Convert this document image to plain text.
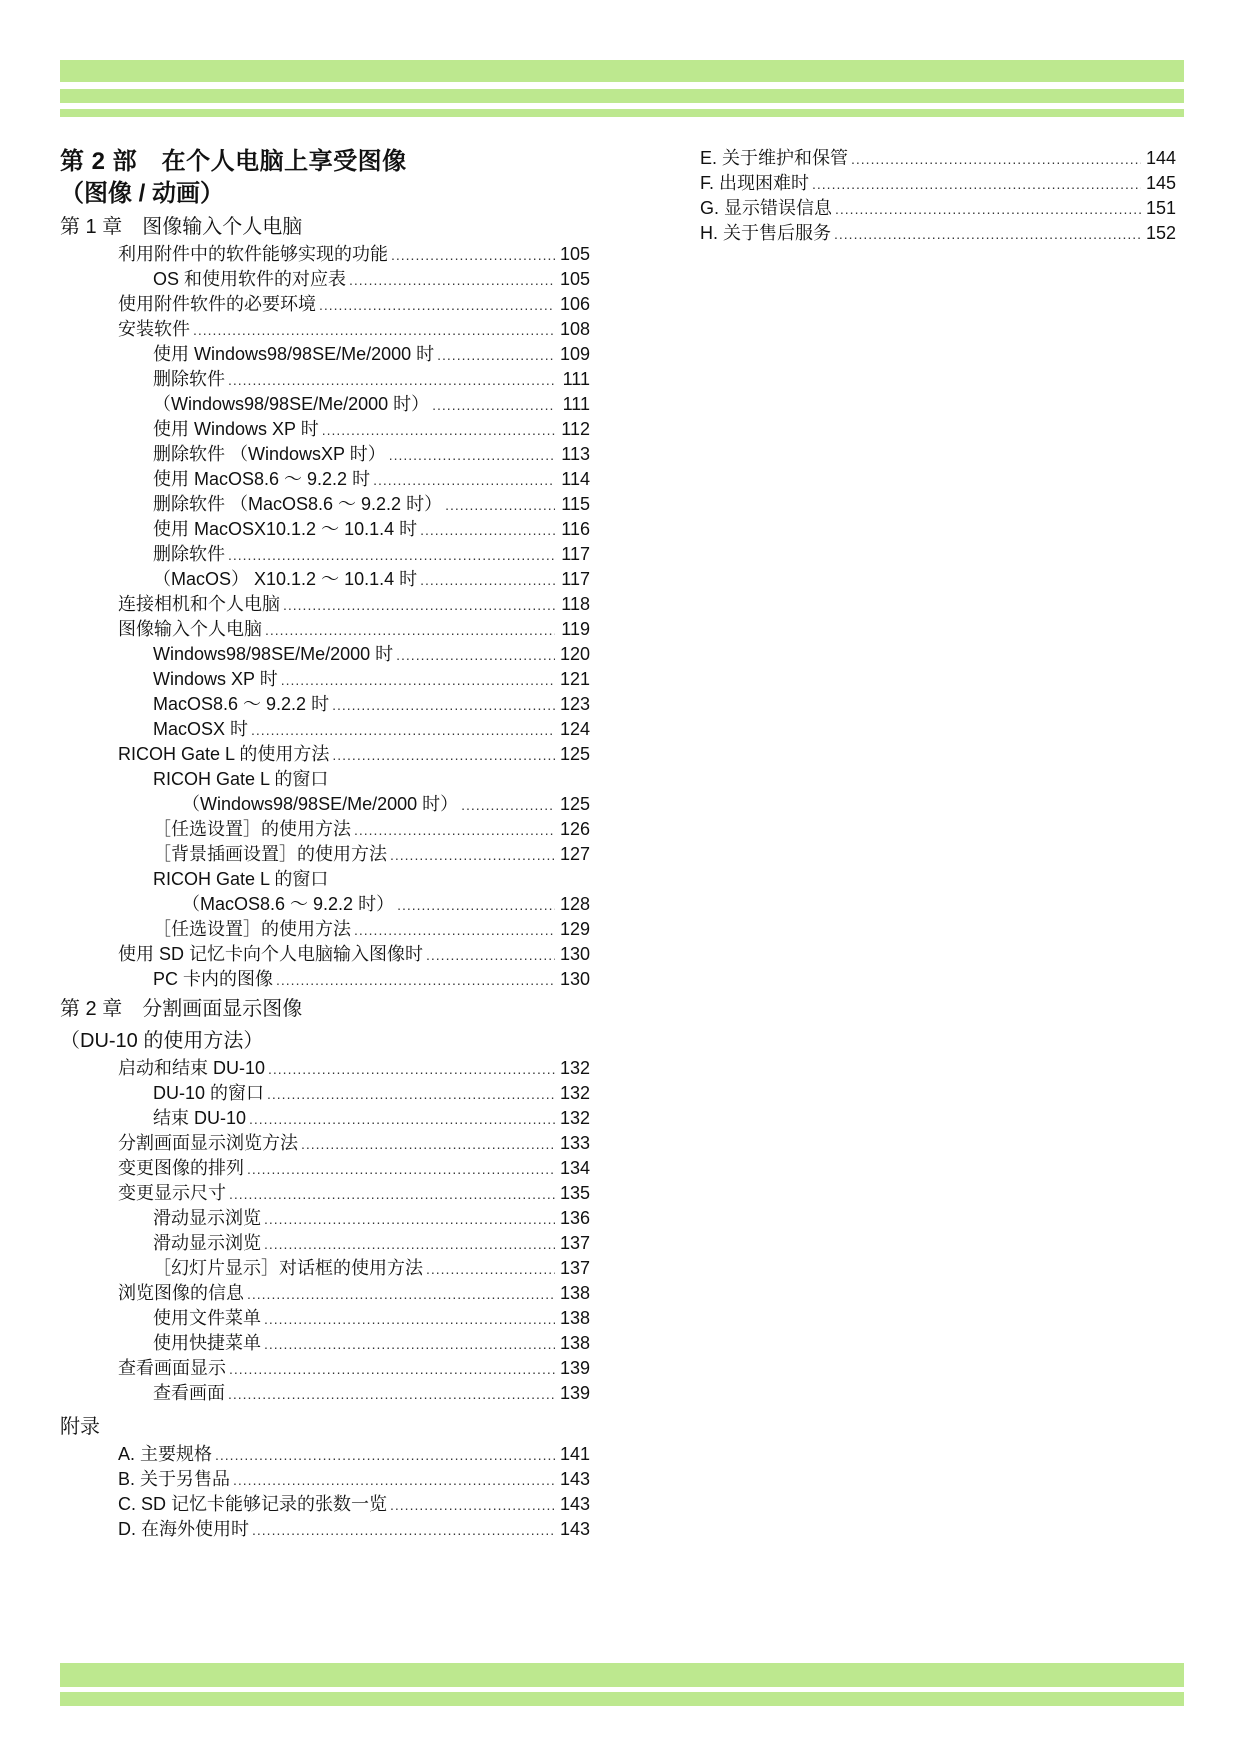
第 2 部　在个人电脑上享受图像
（图像 / 动画）
第 1 章　图像输入个人电脑
利用附件中的软件能够实现的功能 .....	105
OS 和使用软件的对应表 .....	105
使用附件软件的必要环境 .....	106
安装软件 .....	108
使用 Windows98/98SE/Me/2000 时 .....	109
删除软件 .....	111
（Windows98/98SE/Me/2000 时） .....	111
使用 Windows XP 时 .....	112
删除软件 （WindowsXP 时） .....	113
使用 MacOS8.6 ～ 9.2.2 时 .....	114
删除软件 （MacOS8.6 ～ 9.2.2 时） .....	115
使用 MacOSX10.1.2 ～ 10.1.4 时 .....	116
删除软件 .....	117
（MacOS） X10.1.2 ～ 10.1.4 时 .....	117
连接相机和个人电脑 .....	118
图像输入个人电脑 .....	119
Windows98/98SE/Me/2000 时 .....	120
Windows XP 时 .....	121
MacOS8.6 ～ 9.2.2 时 .....	123
MacOSX 时 .....	124
RICOH Gate L 的使用方法 .....	125
RICOH Gate L 的窗口
（Windows98/98SE/Me/2000 时） .....	125
［任选设置］的使用方法 .....	126
［背景插画设置］的使用方法 .....	127
RICOH Gate L 的窗口
（MacOS8.6 ～ 9.2.2 时） .....	128
［任选设置］的使用方法 .....	129
使用 SD 记忆卡向个人电脑输入图像时 .....	130
PC 卡内的图像 .....	130
第 2 章　分割画面显示图像
（DU-10 的使用方法）
启动和结束 DU-10 .....	132
DU-10 的窗口 .....	132
结束 DU-10 .....	132
分割画面显示浏览方法 .....	133
变更图像的排列 .....	134
变更显示尺寸 .....	135
滑动显示浏览 .....	136
滑动显示浏览 .....	137
［幻灯片显示］对话框的使用方法 .....	137
浏览图像的信息 .....	138
使用文件菜单 .....	138
使用快捷菜单 .....	138
查看画面显示 .....	139
查看画面 .....	139
附录
A. 主要规格 .....	141
B. 关于另售品 .....	143
C. SD 记忆卡能够记录的张数一览 .....	143
D. 在海外使用时 .....	143
E. 关于维护和保管 .....	144
F. 出现困难时 .....	145
G. 显示错误信息 .....	151
H. 关于售后服务 .....	152
